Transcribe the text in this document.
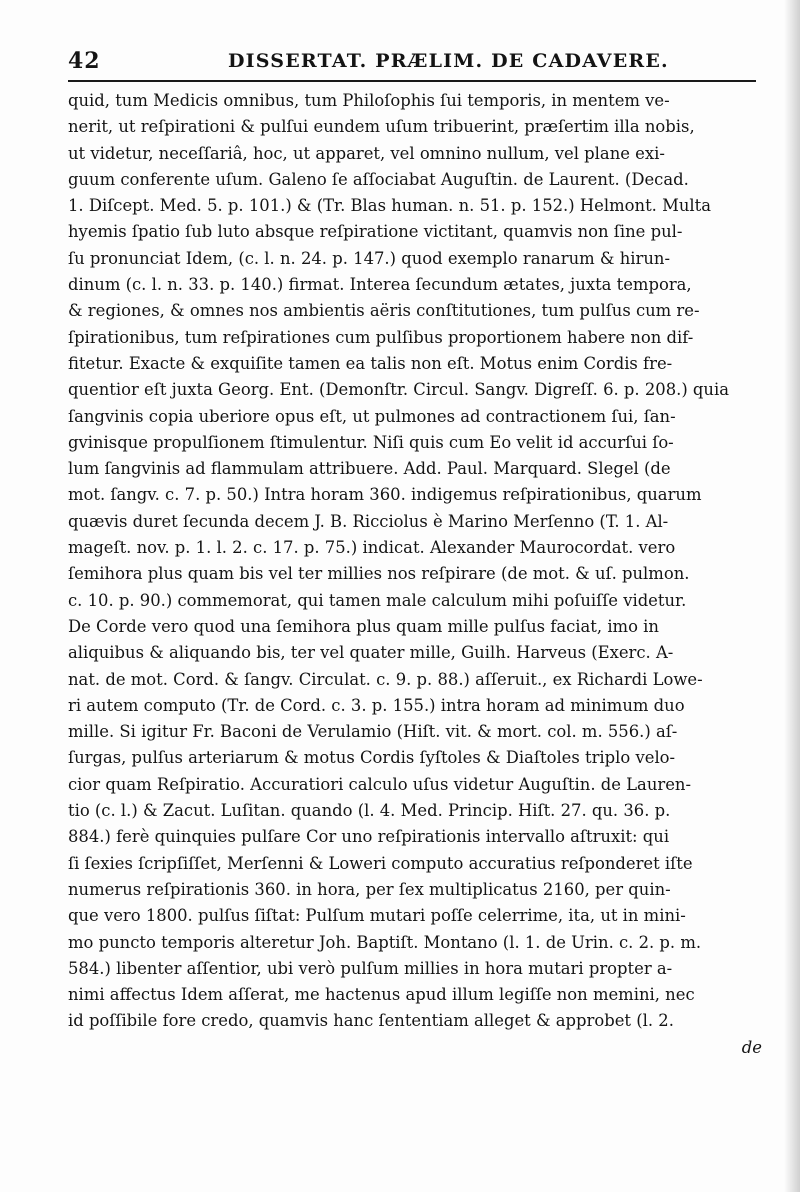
42	DISSERTAT. PRÆLIM. DE CADAVERE.
quid, tum Medicis omnibus, tum Philoſophis ſui temporis, in mentem ve-
nerit, ut reſpirationi & pulſui eundem uſum tribuerint, præſertim illa nobis,
ut videtur, neceſſariâ, hoc, ut apparet, vel omnino nullum, vel plane exi-
guum conferente uſum. Galeno ſe aſſociabat Auguſtin. de Laurent. (Decad.
1. Diſcept. Med. 5. p. 101.) & (Tr. Blas human. n. 51. p. 152.) Helmont. Multa
hyemis ſpatio ſub luto absque reſpiratione victitant, quamvis non ſine pul-
ſu pronunciat Idem, (c. l. n. 24. p. 147.) quod exemplo ranarum & hirun-
dinum (c. l. n. 33. p. 140.) firmat. Interea ſecundum ætates, juxta tempora,
& regiones, & omnes nos ambientis aëris conſtitutiones, tum pulſus cum re-
ſpirationibus, tum reſpirationes cum pulſibus proportionem habere non dif-
fitetur. Exacte & exquiſite tamen ea talis non eſt. Motus enim Cordis fre-
quentior eſt juxta Georg. Ent. (Demonſtr. Circul. Sangv. Digreſſ. 6. p. 208.) quia
ſangvinis copia uberiore opus eſt, ut pulmones ad contractionem ſui, ſan-
gvinisque propulſionem ſtimulentur. Niſi quis cum Eo velit id accurſui ſo-
lum ſangvinis ad flammulam attribuere. Add. Paul. Marquard. Slegel (de
mot. ſangv. c. 7. p. 50.) Intra horam 360. indigemus reſpirationibus, quarum
quævis duret ſecunda decem J. B. Ricciolus è Marino Merſenno (T. 1. Al-
mageſt. nov. p. 1. l. 2. c. 17. p. 75.) indicat. Alexander Maurocordat. vero
ſemihora plus quam bis vel ter millies nos reſpirare (de mot. & uſ. pulmon.
c. 10. p. 90.) commemorat, qui tamen male calculum mihi poſuiſſe videtur.
De Corde vero quod una ſemihora plus quam mille pulſus faciat, imo in
aliquibus & aliquando bis, ter vel quater mille, Guilh. Harveus (Exerc. A-
nat. de mot. Cord. & ſangv. Circulat. c. 9. p. 88.) aſſeruit., ex Richardi Lowe-
ri autem computo (Tr. de Cord. c. 3. p. 155.) intra horam ad minimum duo
mille. Si igitur Fr. Baconi de Verulamio (Hiſt. vit. & mort. col. m. 556.) aſ-
ſurgas, pulſus arteriarum & motus Cordis ſyſtoles & Diaſtoles triplo velo-
cior quam Reſpiratio. Accuratiori calculo uſus videtur Auguſtin. de Lauren-
tio (c. l.) & Zacut. Luſitan. quando (l. 4. Med. Princip. Hiſt. 27. qu. 36. p.
884.) ferè quinquies pulſare Cor uno reſpirationis intervallo aſtruxit: qui
ſi ſexies ſcripſiſſet, Merſenni & Loweri computo accuratius reſponderet iſte
numerus reſpirationis 360. in hora, per ſex multiplicatus 2160, per quin-
que vero 1800. pulſus ſiſtat: Pulſum mutari poſſe celerrime, ita, ut in mini-
mo puncto temporis alteretur Joh. Baptiſt. Montano (l. 1. de Urin. c. 2. p. m.
584.) libenter aſſentior, ubi verò pulſum millies in hora mutari propter a-
nimi affectus Idem aſſerat, me hactenus apud illum legiſſe non memini, nec
id poſſibile fore credo, quamvis hanc ſententiam alleget & approbet (l. 2.
de
